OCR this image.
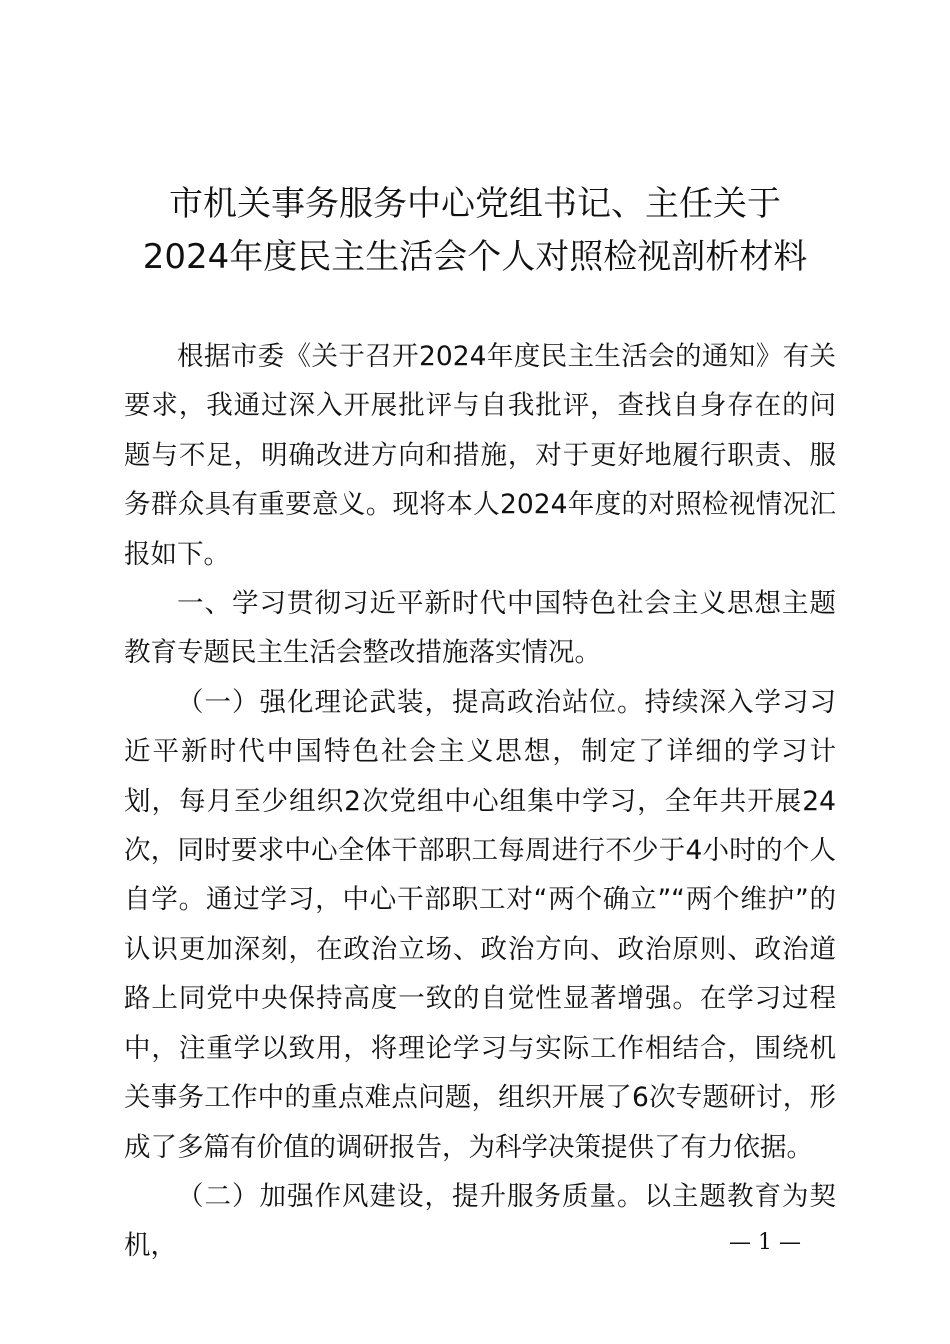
市机关事务服务中心党组书记、主任关于
2024年度民主生活会个人对照检视剖析材料

根据市委《关于召开2024年度民主生活会的通知》有关要求，我通过深入开展批评与自我批评，查找自身存在的问题与不足，明确改进方向和措施，对于更好地履行职责、服务群众具有重要意义。现将本人2024年度的对照检视情况汇报如下。

一、学习贯彻习近平新时代中国特色社会主义思想主题教育专题民主生活会整改措施落实情况。

（一）强化理论武装，提高政治站位。持续深入学习习近平新时代中国特色社会主义思想，制定了详细的学习计划，每月至少组织2次党组中心组集中学习，全年共开展24次，同时要求中心全体干部职工每周进行不少于4小时的个人自学。通过学习，中心干部职工对“两个确立”“两个维护”的认识更加深刻，在政治立场、政治方向、政治原则、政治道路上同党中央保持高度一致的自觉性显著增强。在学习过程中，注重学以致用，将理论学习与实际工作相结合，围绕机关事务工作中的重点难点问题，组织开展了6次专题研讨，形成了多篇有价值的调研报告，为科学决策提供了有力依据。

（二）加强作风建设，提升服务质量。以主题教育为契机，	— 1 —
